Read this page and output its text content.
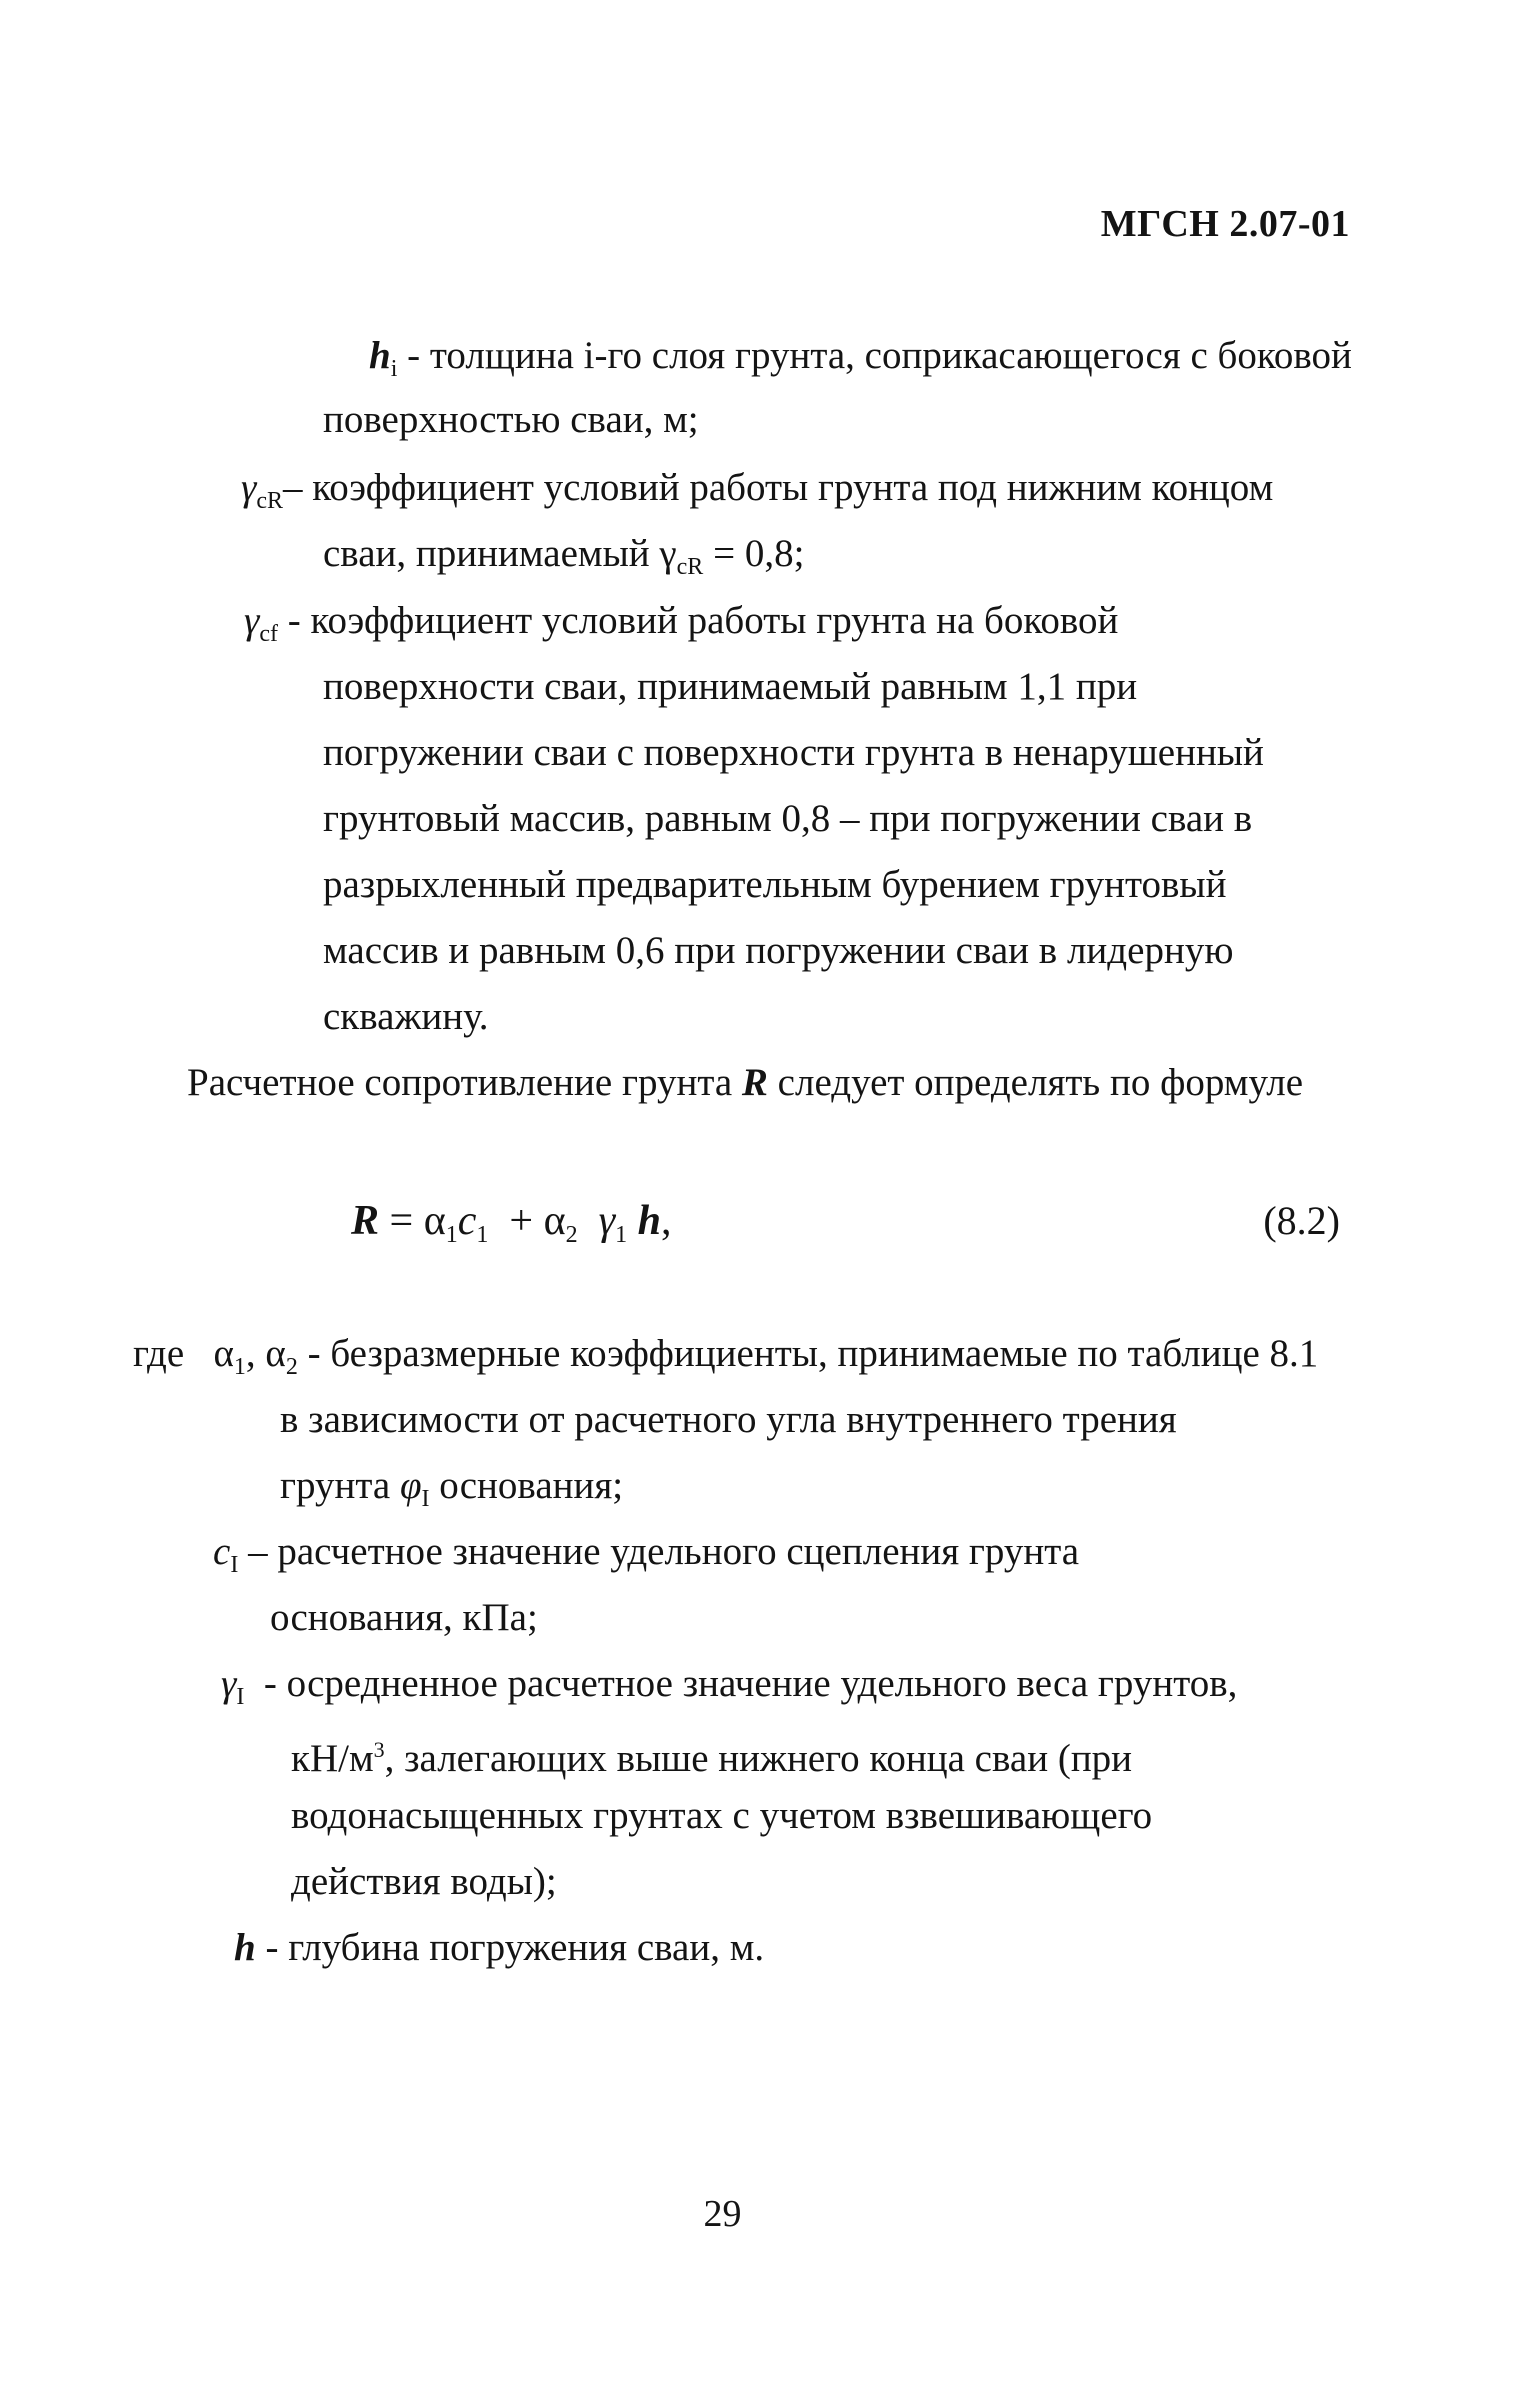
МГСН 2.07-01
$h_i$ - толщина i-го слоя грунта, соприкасающегося с боковой
поверхностью сваи, м;
$\gamma_{cR}-$ коэффициент условий работы грунта под нижним концом
сваи, принимаемый $\gamma_{cR} = 0,8$;
$\gamma_{cf}$ - коэффициент условий работы грунта на боковой
поверхности сваи, принимаемый равным 1,1 при
погружении сваи с поверхности грунта в ненарушенный
грунтовый массив, равным 0,8 – при погружении сваи в
разрыхленный предварительным бурением грунтовый
массив и равным 0,6 при погружении сваи в лидерную
скважину.
Расчетное сопротивление грунта R следует определять по формуле
$R = \alpha_1c_1 + \alpha_2$ $\gamma_1$ h,	(8.2)
где $\alpha_1$, $\alpha_2$ - безразмерные коэффициенты, принимаемые по таблице 8.1
в зависимости от расчетного угла внутреннего трения
грунта $\varphi_I$ основания;
$c_I$ – расчетное значение удельного сцепления грунта
основания, кПа;
$\gamma_I$  - осредненное расчетное значение удельного веса грунтов,
$кН/м^3$, залегающих выше нижнего конца сваи (при
водонасыщенных грунтах с учетом взвешивающего
действия воды);
h - глубина погружения сваи, м.
29
